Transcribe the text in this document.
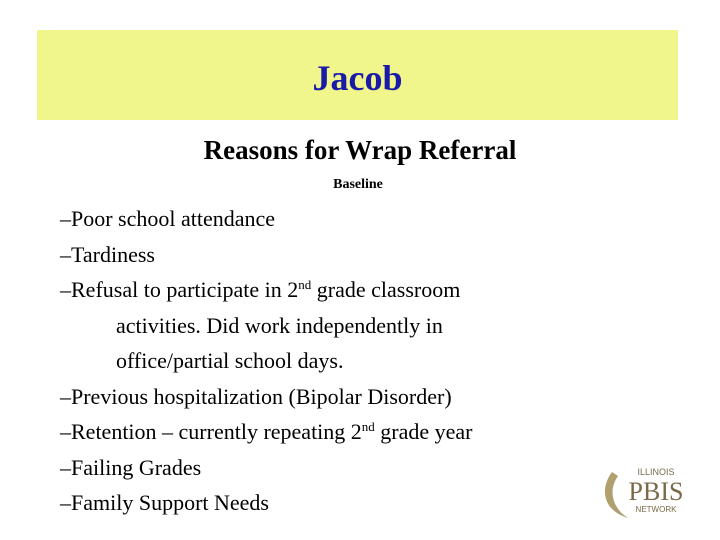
Jacob
Reasons for Wrap Referral
Baseline
–Poor school attendance
–Tardiness
–Refusal to participate in 2nd grade classroom
activities. Did work independently in
office/partial school days.
–Previous hospitalization (Bipolar Disorder)
–Retention – currently repeating 2nd grade year
–Failing Grades
–Family Support Needs
ILLINOIS
PBIS
NETWORK
